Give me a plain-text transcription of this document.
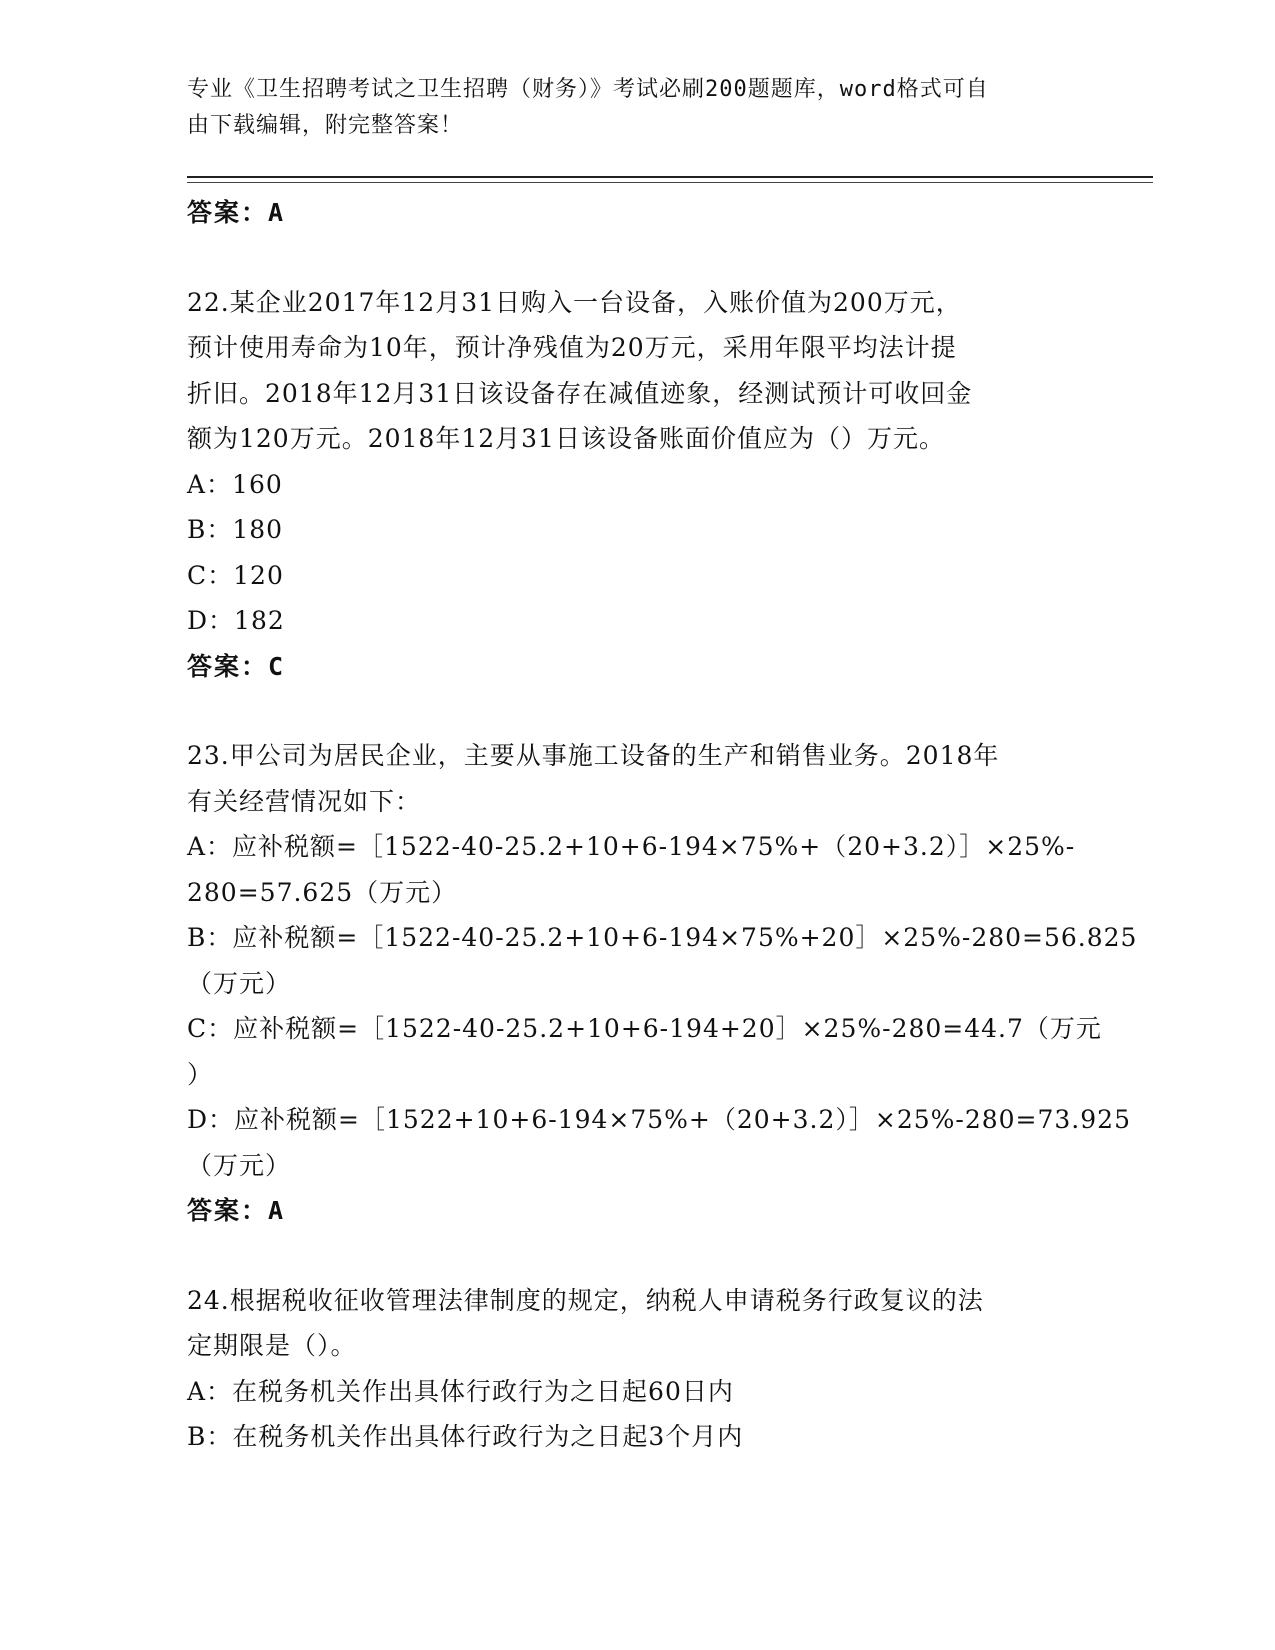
专业《卫生招聘考试之卫生招聘（财务）》考试必刷200题题库，word格式可自
由下载编辑，附完整答案！
答案：A
22.某企业2017年12月31日购入一台设备，入账价值为200万元，
预计使用寿命为10年，预计净残值为20万元，采用年限平均法计提
折旧。2018年12月31日该设备存在减值迹象，经测试预计可收回金
额为120万元。2018年12月31日该设备账面价值应为（）万元。
A：160
B：180
C：120
D：182
答案：C
23.甲公司为居民企业，主要从事施工设备的生产和销售业务。2018年
有关经营情况如下：
A：应补税额=［1522-40-25.2+10+6-194×75%+（20+3.2）］×25%-
280=57.625（万元）
B：应补税额=［1522-40-25.2+10+6-194×75%+20］×25%-280=56.825
（万元）
C：应补税额=［1522-40-25.2+10+6-194+20］×25%-280=44.7（万元
）
D：应补税额=［1522+10+6-194×75%+（20+3.2）］×25%-280=73.925
（万元）
答案：A
24.根据税收征收管理法律制度的规定，纳税人申请税务行政复议的法
定期限是（）。
A：在税务机关作出具体行政行为之日起60日内
B：在税务机关作出具体行政行为之日起3个月内
